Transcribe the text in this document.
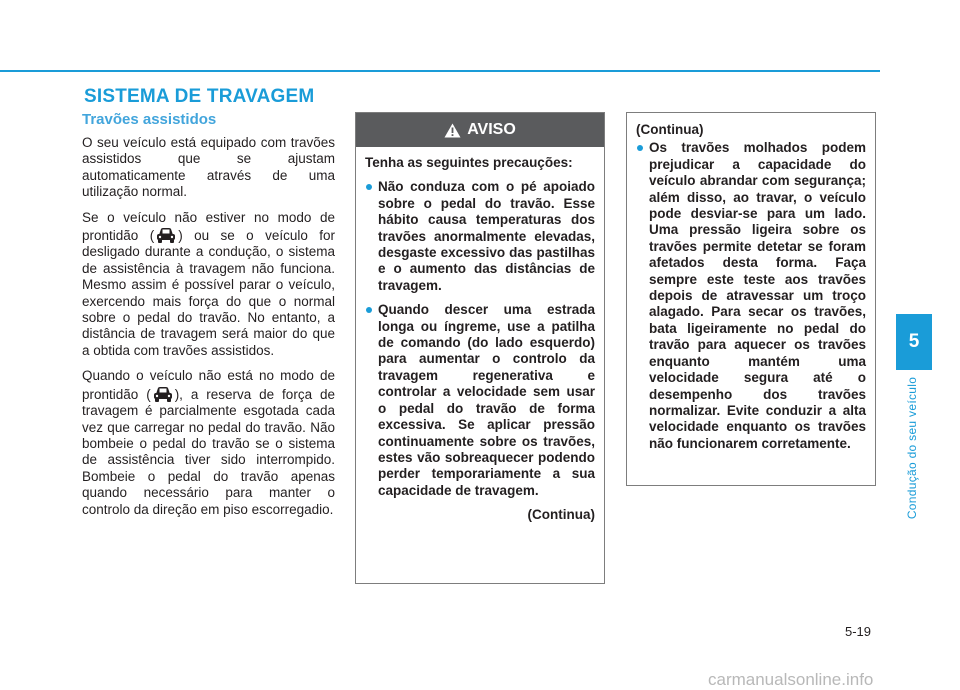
SISTEMA DE TRAVAGEM
Travões assistidos

O seu veículo está equipado com travões assistidos que se ajustam automaticamente através de uma utilização normal.

Se o veículo não estiver no modo de prontidão ( ) ou se o veículo for desligado durante a condução, o sistema de assistência à travagem não funciona. Mesmo assim é possível parar o veículo, exercendo mais força do que o normal sobre o pedal do travão. No entanto, a distância de travagem será maior do que a obtida com travões assistidos.

Quando o veículo não está no modo de prontidão ( ), a reserva de força de travagem é parcialmente esgotada cada vez que carregar no pedal do travão. Não bombeie o pedal do travão se o sistema de assistência tiver sido interrompido. Bombeie o pedal do travão apenas quando necessário para manter o controlo da direção em piso escorregadio.

AVISO

Tenha as seguintes precauções:

Não conduza com o pé apoiado sobre o pedal do travão. Esse hábito causa temperaturas dos travões anormalmente elevadas, desgaste excessivo das pastilhas e o aumento das distâncias de travagem.
Quando descer uma estrada longa ou íngreme, use a patilha de comando (do lado esquerdo) para aumentar o controlo da travagem regenerativa e controlar a velocidade sem usar o pedal do travão de forma excessiva. Se aplicar pressão continuamente sobre os travões, estes vão sobreaquecer podendo perder temporariamente a sua capacidade de travagem.
(Continua)

(Continua)

Os travões molhados podem prejudicar a capacidade do veículo abrandar com segurança; além disso, ao travar, o veículo pode desviar-se para um lado. Uma pressão ligeira sobre os travões permite detetar se foram afetados desta forma. Faça sempre este teste aos travões depois de atravessar um troço alagado. Para secar os travões, bata ligeiramente no pedal do travão para aquecer os travões enquanto mantém uma velocidade segura até o desempenho dos travões normalizar. Evite conduzir a alta velocidade enquanto os travões não funcionarem corretamente.
5
Condução do seu veículo
5-19
carmanualsonline.info
